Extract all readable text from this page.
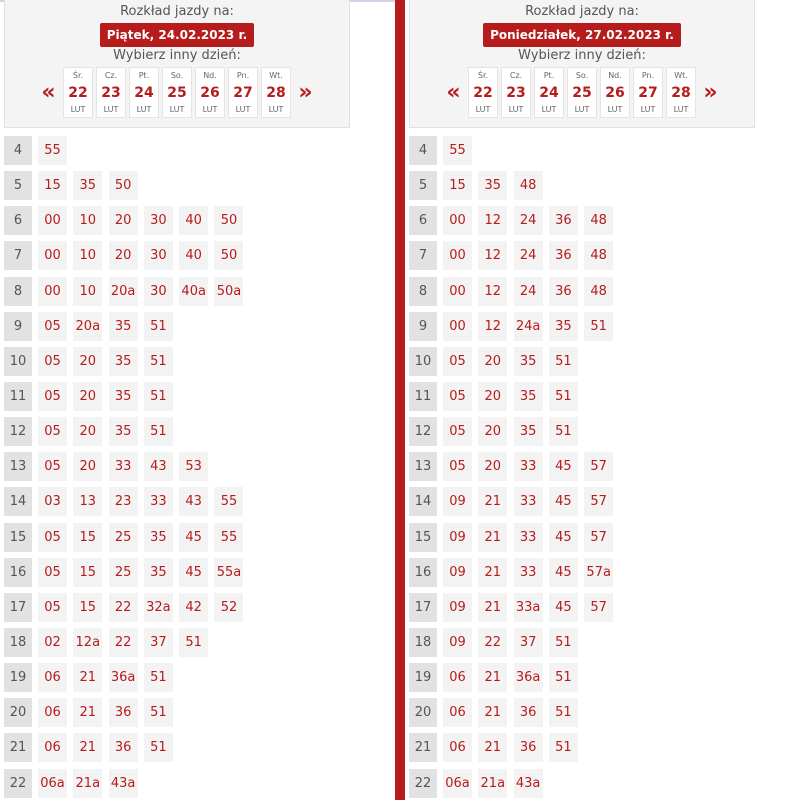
Rozkład jazdy na:
Piątek, 24.02.2023 r.
Wybierz inny dzień:
«
Śr.
22
LUT
Cz.
23
LUT
Pt.
24
LUT
So.
25
LUT
Nd.
26
LUT
Pn.
27
LUT
Wt.
28
LUT
»
4	55
5	15	35	50
6	00	10	20	30	40	50
7	00	10	20	30	40	50
8	00	10	20a	30	40a 50a
9	05	20a	35	51
10	05	20	35	51
11	05	20	35	51
12	05	20	35	51
13	05	20	33	43	53
14	03	13	23	33	43	55
15	05	15	25	35	45	55
16	05	15	25	35	45	55a
17	05	15	22	32a	42	52
18	02	12a	22	37	51
19	06	21	36a	51
20	06	21	36	51
21	06	21	36	51
22	06a 21a 43a
Rozkład jazdy na:
Poniedziałek, 27.02.2023 r.
Wybierz inny dzień:
«
Śr.
22
LUT
Cz.
23
LUT
Pt.
24
LUT
So.
25
LUT
Nd.
26
LUT
Pn.
27
LUT
Wt.
28
LUT
»
4	55
5	15	35	48
6	00	12	24	36	48
7	00	12	24	36	48
8	00	12	24	36	48
9	00	12	24a	35	51
10	05	20	35	51
11	05	20	35	51
12	05	20	35	51
13	05	20	33	45	57
14	09	21	33	45	57
15	09	21	33	45	57
16	09	21	33	45	57a
17	09	21	33a	45	57
18	09	22	37	51
19	06	21	36a	51
20	06	21	36	51
21	06	21	36	51
22	06a 21a 43a
